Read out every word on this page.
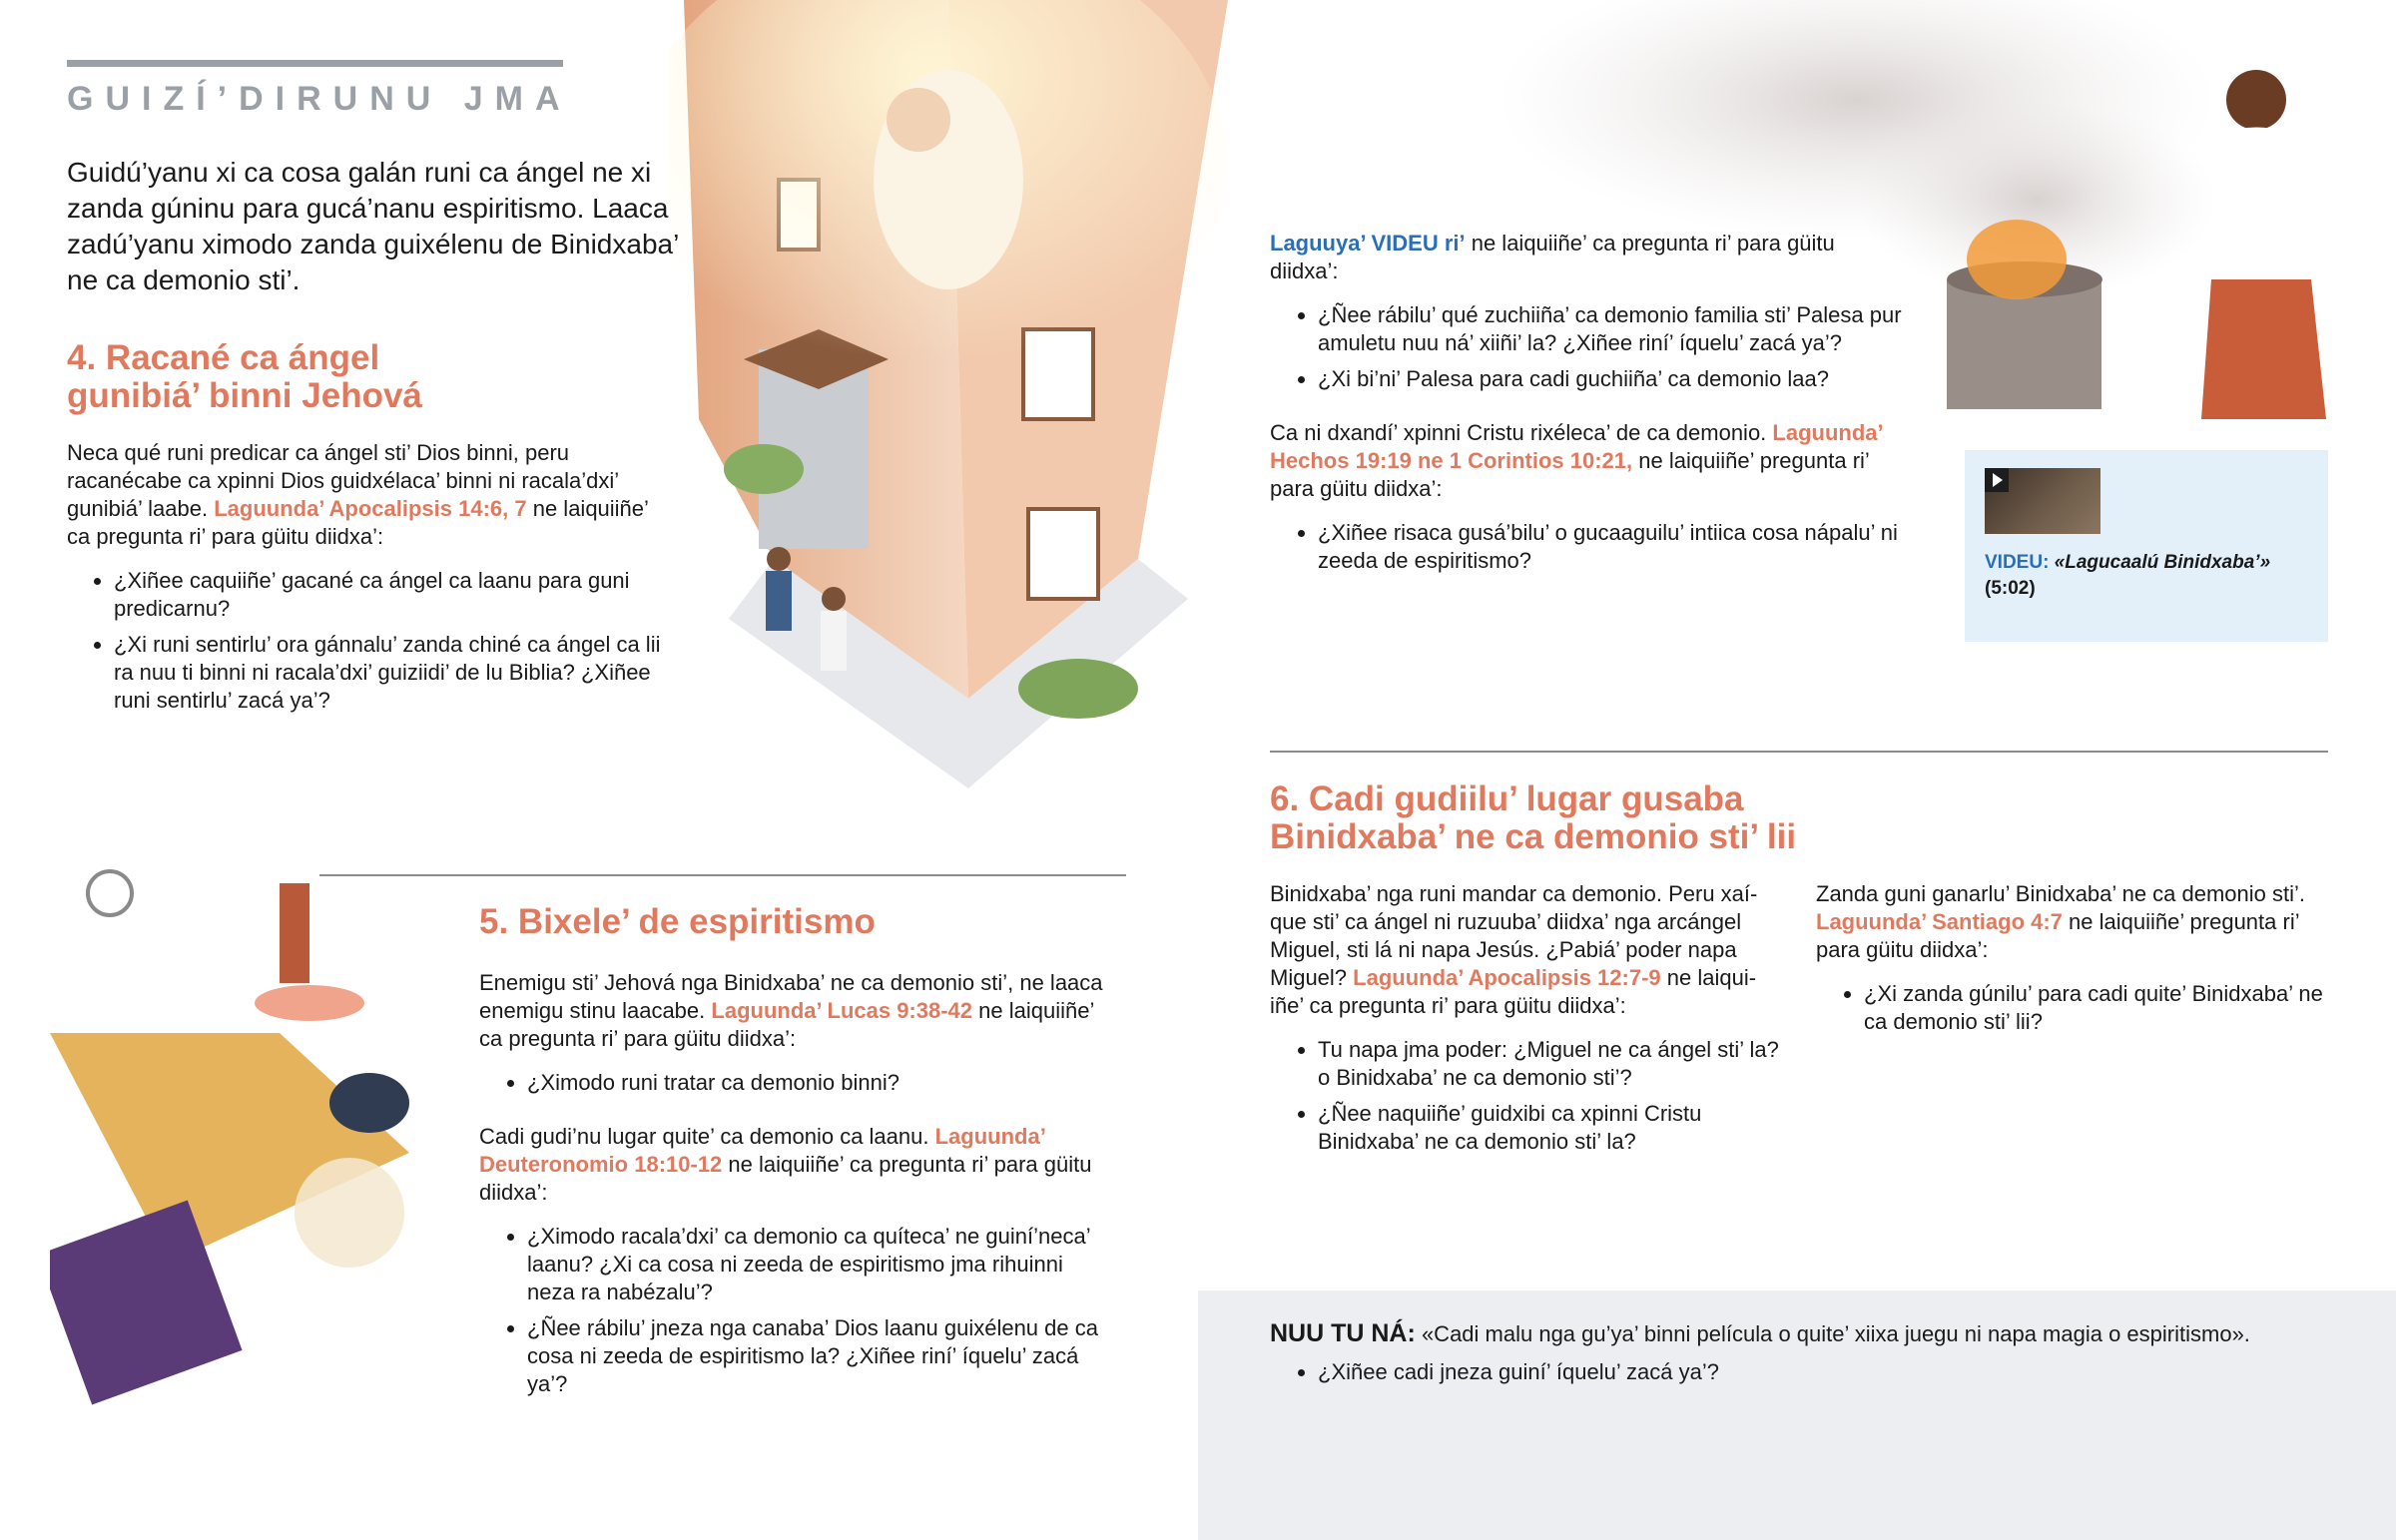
GUIZÍ’DIRUNU JMA
Guidú’yanu xi ca cosa galán runi ca ángel ne xi zanda gúninu para gucá’nanu espiritismo. Laaca zadú’yanu ximodo zanda guixélenu de Binidxaba’ ne ca demonio sti’.
4. Racané ca ángel
gunibiá’ binni Jehová

Neca qué runi predicar ca ángel sti’ Dios binni, peru racanécabe ca xpinni Dios guidxélaca’ binni ni racala’dxi’ gunibiá’ laabe. Laguunda’ Apocalipsis 14:6, 7 ne laiquiiñe’ ca pregunta ri’ para güitu diidxa’:

• ¿Xiñee caquiiñe’ gacané ca ángel ca laanu para guni predicarnu?
• ¿Xi runi sentirlu’ ora gánnalu’ zanda chiné ca ángel ca lii ra nuu ti binni ni racala’dxi’ guiziidi’ de lu Biblia? ¿Xiñee runi sentirlu’ zacá ya’?
5. Bixele’ de espiritismo

Enemigu sti’ Jehová nga Binidxaba’ ne ca demonio sti’, ne laaca enemigu stinu laacabe. Laguunda’ Lucas 9:38-42 ne laiquiiñe’ ca pregunta ri’ para güitu diidxa’:

• ¿Ximodo runi tratar ca demonio binni?

Cadi gudi’nu lugar quite’ ca demonio ca laanu. Laguunda’ Deuteronomio 18:10-12 ne laiquiiñe’ ca pregunta ri’ para güitu diidxa’:

• ¿Ximodo racala’dxi’ ca demonio ca quíteca’ ne guiní’neca’ laanu? ¿Xi ca cosa ni zeeda de espiritismo jma rihuinni neza ra nabézalu’?
• ¿Ñee rábilu’ jneza nga canaba’ Dios laanu guixélenu de ca cosa ni zeeda de espiritismo la? ¿Xiñee riní’ íquelu’ zacá ya’?

Laguuya’ VIDEU ri’ ne laiquiiñe’ ca pregunta ri’ para güitu diidxa’:

• ¿Ñee rábilu’ qué zuchiiña’ ca demonio familia sti’ Palesa pur amuletu nuu ná’ xiiñi’ la? ¿Xiñee riní’ íquelu’ zacá ya’?
• ¿Xi bi’ni’ Palesa para cadi guchiiña’ ca demonio laa?

Ca ni dxandí’ xpinni Cristu rixéleca’ de ca demonio. Laguunda’ Hechos 19:19 ne 1 Corintios 10:21, ne laiquiiñe’ pregunta ri’ para güitu diidxa’:

• ¿Xiñee risaca gusá’bilu’ o gucaaguilu’ intiica cosa nápalu’ ni zeeda de espiritismo?	VIDEU: «Lagucaalú Binidxaba’»
(5:02)
6. Cadi gudiilu’ lugar gusaba
Binidxaba’ ne ca demonio sti’ lii

Binidxaba’ nga runi mandar ca demonio. Peru xaíque sti’ ca ángel ni ruzuuba’ diidxa’ nga arcángel Miguel, sti lá ni napa Jesús. ¿Pabiá’ poder napa Miguel? Laguunda’ Apocalipsis 12:7-9 ne laiquiiñe’ ca pregunta ri’ para güitu diidxa’:

• Tu napa jma poder: ¿Miguel ne ca ángel sti’ la? o Binidxaba’ ne ca demonio sti’?
• ¿Ñee naquiiñe’ guidxibi ca xpinni Cristu Binidxaba’ ne ca demonio sti’ la?

Zanda guni ganarlu’ Binidxaba’ ne ca demonio sti’. Laguunda’ Santiago 4:7 ne laiquiiñe’ pregunta ri’ para güitu diidxa’:

• ¿Xi zanda gúnilu’ para cadi quite’ Binidxaba’ ne ca demonio sti’ lii?

NUU TU NÁ: «Cadi malu nga gu’ya’ binni película o quite’ xiixa juegu ni napa magia o espiritismo».

• ¿Xiñee cadi jneza guiní’ íquelu’ zacá ya’?
